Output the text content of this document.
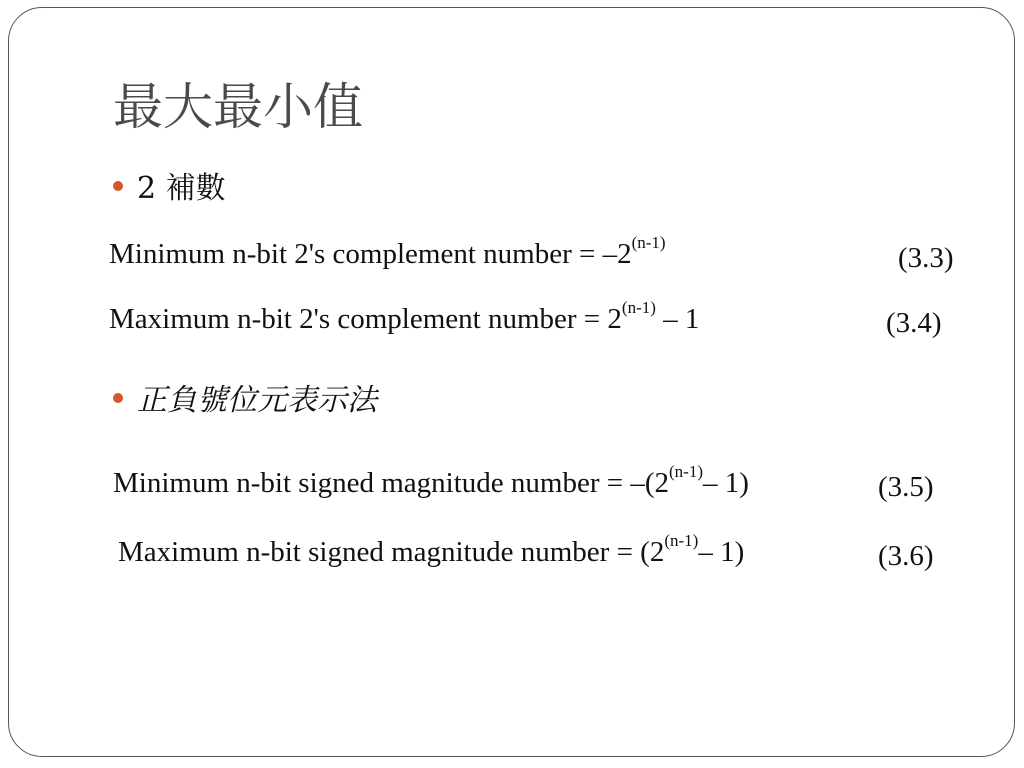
最大最小值
2 補數
Minimum n-bit 2's complement number = $-2^{(n-1)}$	(3.3)
Maximum n-bit 2's complement number = $2^{(n-1)} - 1$	(3.4)
正負號位元表示法
Minimum n-bit signed magnitude number = $-(2^{(n-1)}-$ 1)	(3.5)
Maximum n-bit signed magnitude number = ($2^{(n-1)}-$ 1)	(3.6)
